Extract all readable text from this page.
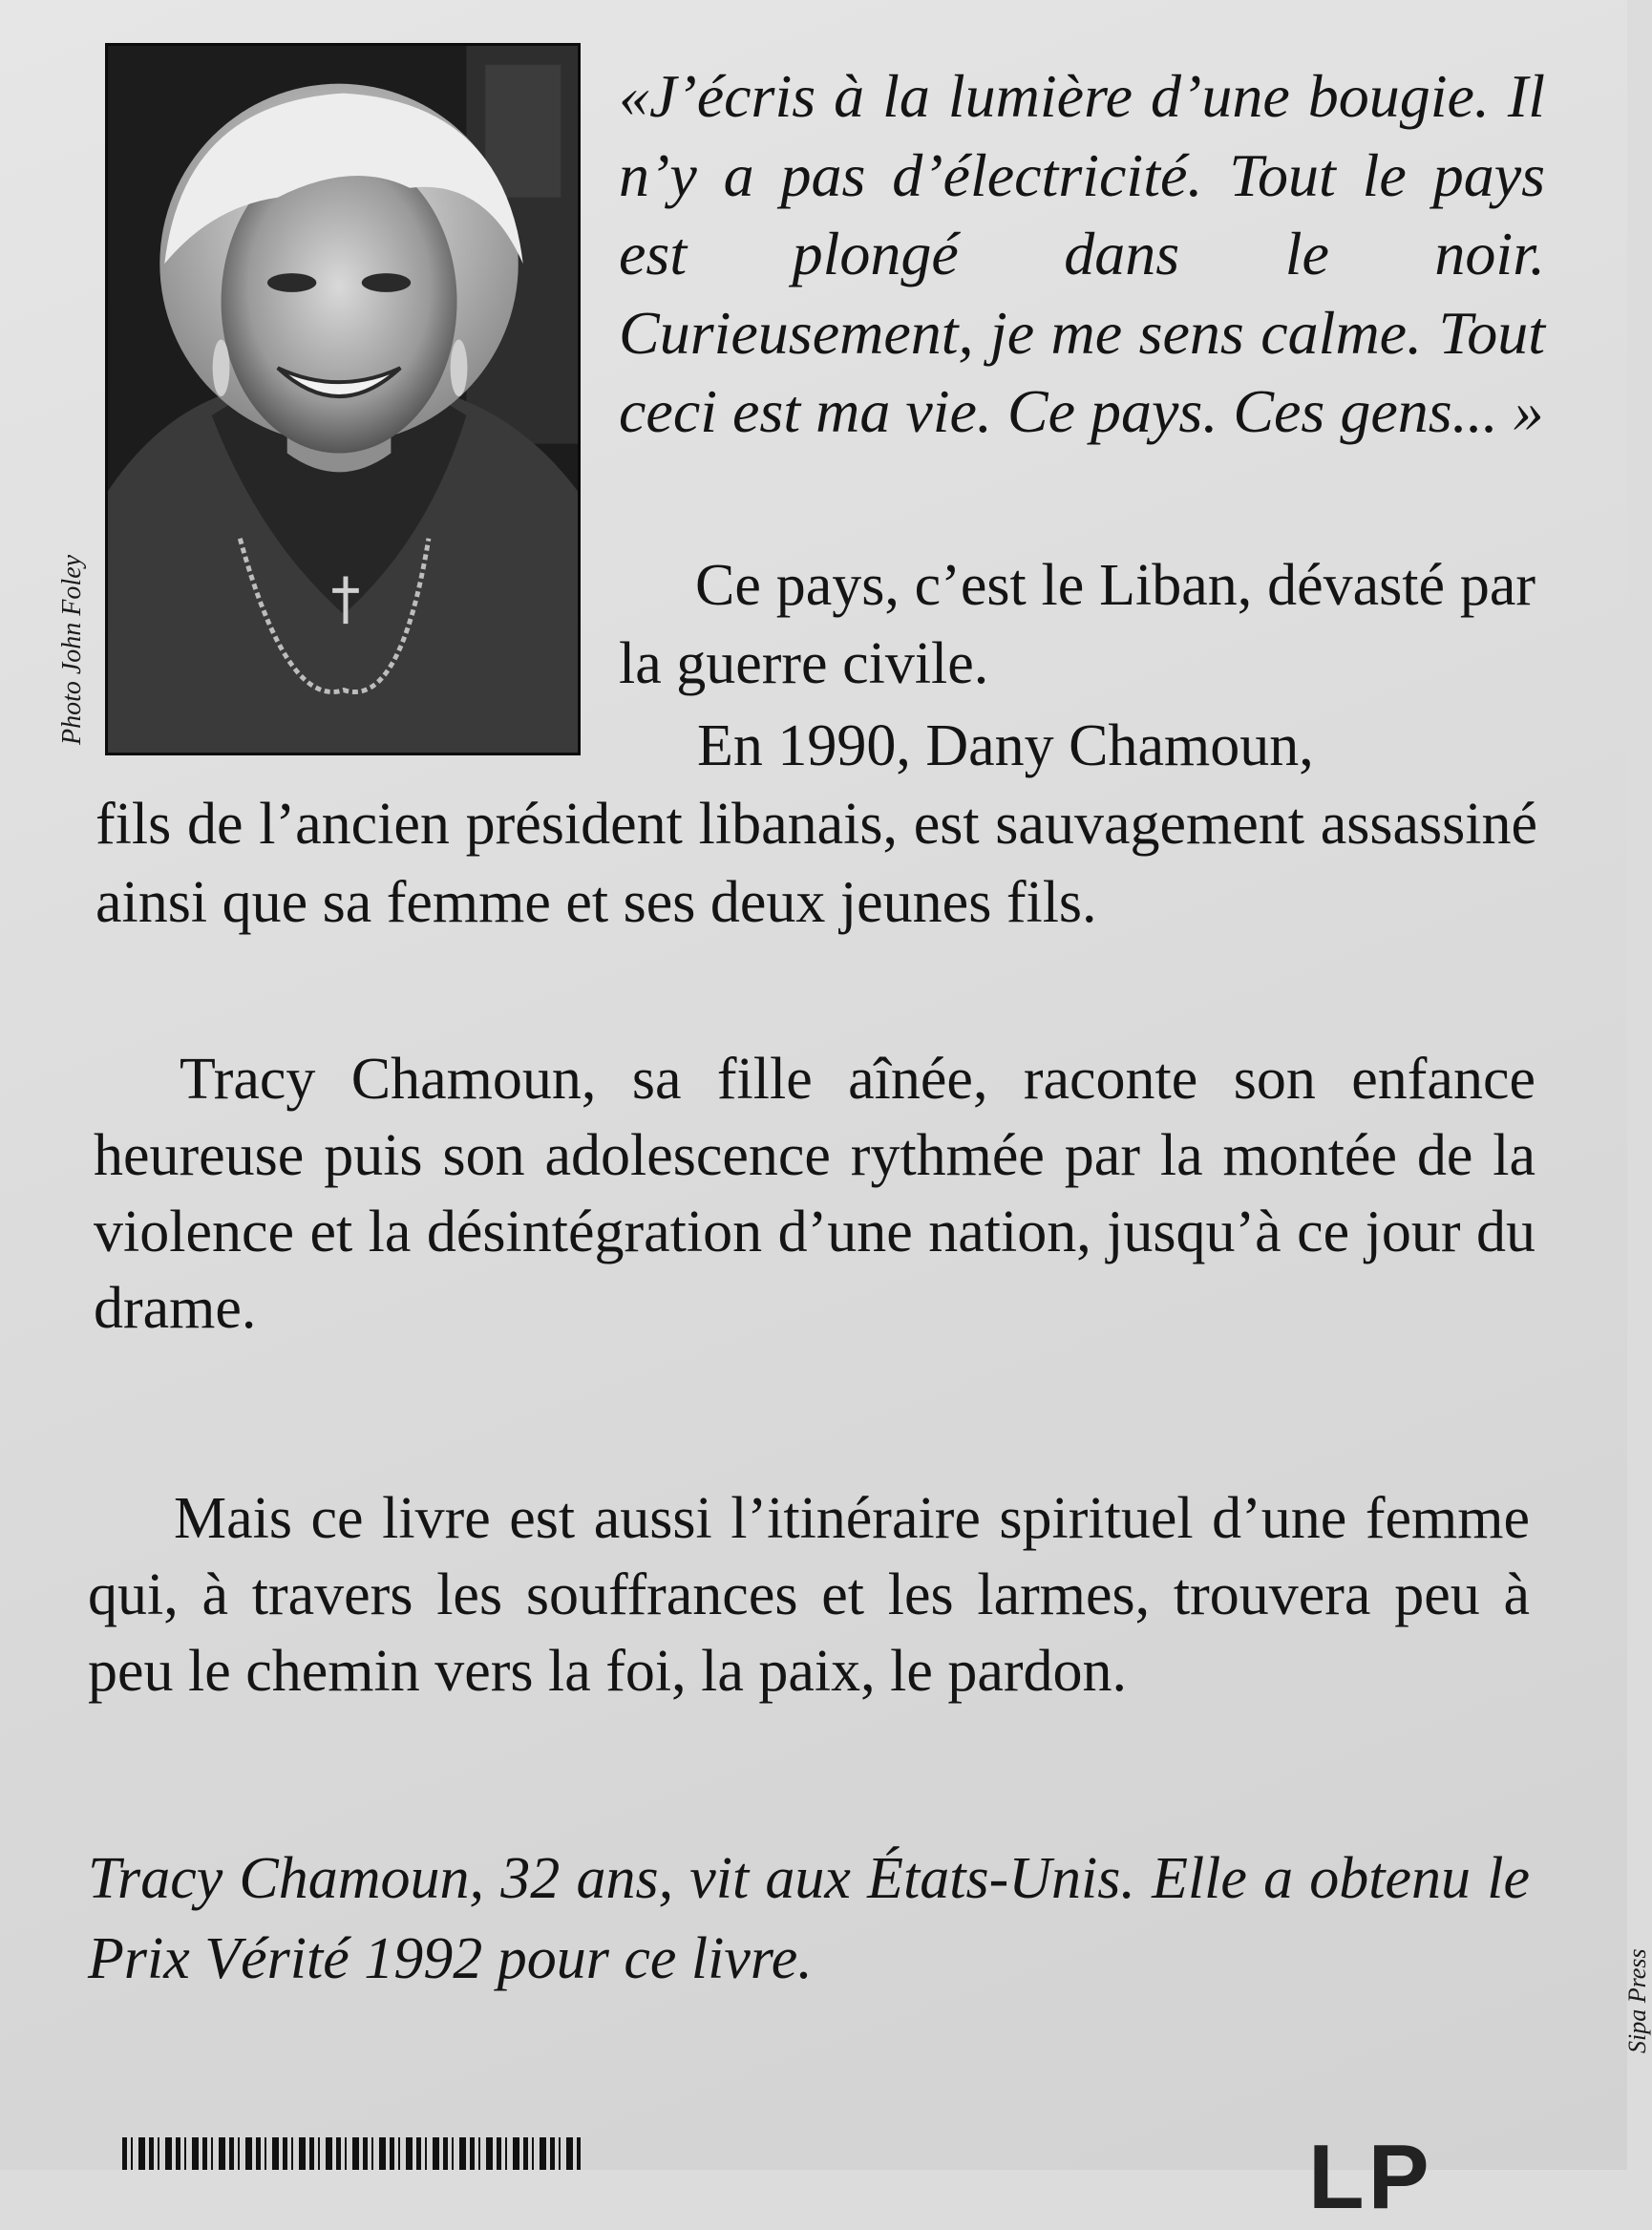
Photo John Foley

«J’écris à la lumière d’une bougie. Il n’y a pas d’électricité. Tout le pays est plongé dans le noir. Curieusement, je me sens calme. Tout ceci est ma vie. Ce pays. Ces gens... »

Ce pays, c’est le Liban, dévasté par la guerre civile.

En 1990, Dany Chamoun,
fils de l’ancien président libanais, est sauvagement assassiné ainsi que sa femme et ses deux jeunes fils.

Tracy Chamoun, sa fille aînée, raconte son enfance heureuse puis son adolescence rythmée par la montée de la violence et la désintégration d’une nation, jusqu’à ce jour du drame.

Mais ce livre est aussi l’itinéraire spirituel d’une femme qui, à travers les souffrances et les larmes, trouvera peu à peu le chemin vers la foi, la paix, le pardon.

Tracy Chamoun, 32 ans, vit aux États-Unis. Elle a obtenu le Prix Vérité 1992 pour ce livre.	Sipa Press
LP
